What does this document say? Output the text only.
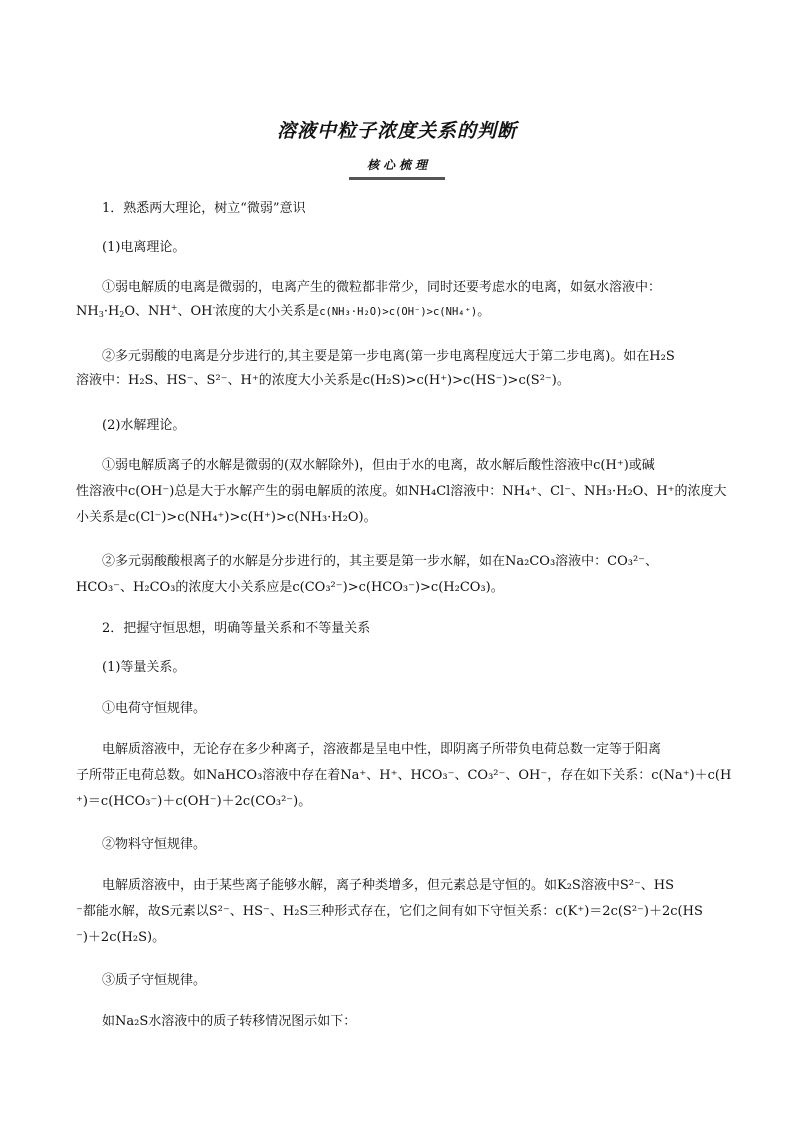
溶液中粒子浓度关系的判断
核心梳理

1．熟悉两大理论，树立“微弱”意识

(1)电离理论。

①弱电解质的电离是微弱的，电离产生的微粒都非常少，同时还要考虑水的电离，如氨水溶液中：

$NH_3\cdot H_2O$、NH+、OH-浓度的大小关系是c(NH₃·H₂O)>c(OH⁻)>c(NH₄⁺)。

②多元弱酸的电离是分步进行的,其主要是第一步电离(第一步电离程度远大于第二步电离)。如在H₂S

溶液中：H₂S、HS⁻、S²⁻、H⁺的浓度大小关系是c(H₂S)>c(H⁺)>c(HS⁻)>c(S²⁻)。

(2)水解理论。

①弱电解质离子的水解是微弱的(双水解除外)，但由于水的电离，故水解后酸性溶液中c(H⁺)或碱

性溶液中c(OH⁻)总是大于水解产生的弱电解质的浓度。如NH₄Cl溶液中：NH₄⁺、Cl⁻、NH₃·H₂O、H⁺的浓度大

小关系是c(Cl⁻)>c(NH₄⁺)>c(H⁺)>c(NH₃·H₂O)。

②多元弱酸酸根离子的水解是分步进行的，其主要是第一步水解，如在Na₂CO₃溶液中：CO₃²⁻、

HCO₃⁻、H₂CO₃的浓度大小关系应是c(CO₃²⁻)>c(HCO₃⁻)>c(H₂CO₃)。

2．把握守恒思想，明确等量关系和不等量关系

(1)等量关系。

①电荷守恒规律。

电解质溶液中，无论存在多少种离子，溶液都是呈电中性，即阴离子所带负电荷总数一定等于阳离

子所带正电荷总数。如NaHCO₃溶液中存在着Na⁺、H⁺、HCO₃⁻、CO₃²⁻、OH⁻，存在如下关系：c(Na⁺)＋c(H

⁺)＝c(HCO₃⁻)＋c(OH⁻)＋2c(CO₃²⁻)。

②物料守恒规律。

电解质溶液中，由于某些离子能够水解，离子种类增多，但元素总是守恒的。如K₂S溶液中S²⁻、HS

⁻都能水解，故S元素以S²⁻、HS⁻、H₂S三种形式存在，它们之间有如下守恒关系：c(K⁺)＝2c(S²⁻)＋2c(HS

⁻)＋2c(H₂S)。

③质子守恒规律。

如Na₂S水溶液中的质子转移情况图示如下：
